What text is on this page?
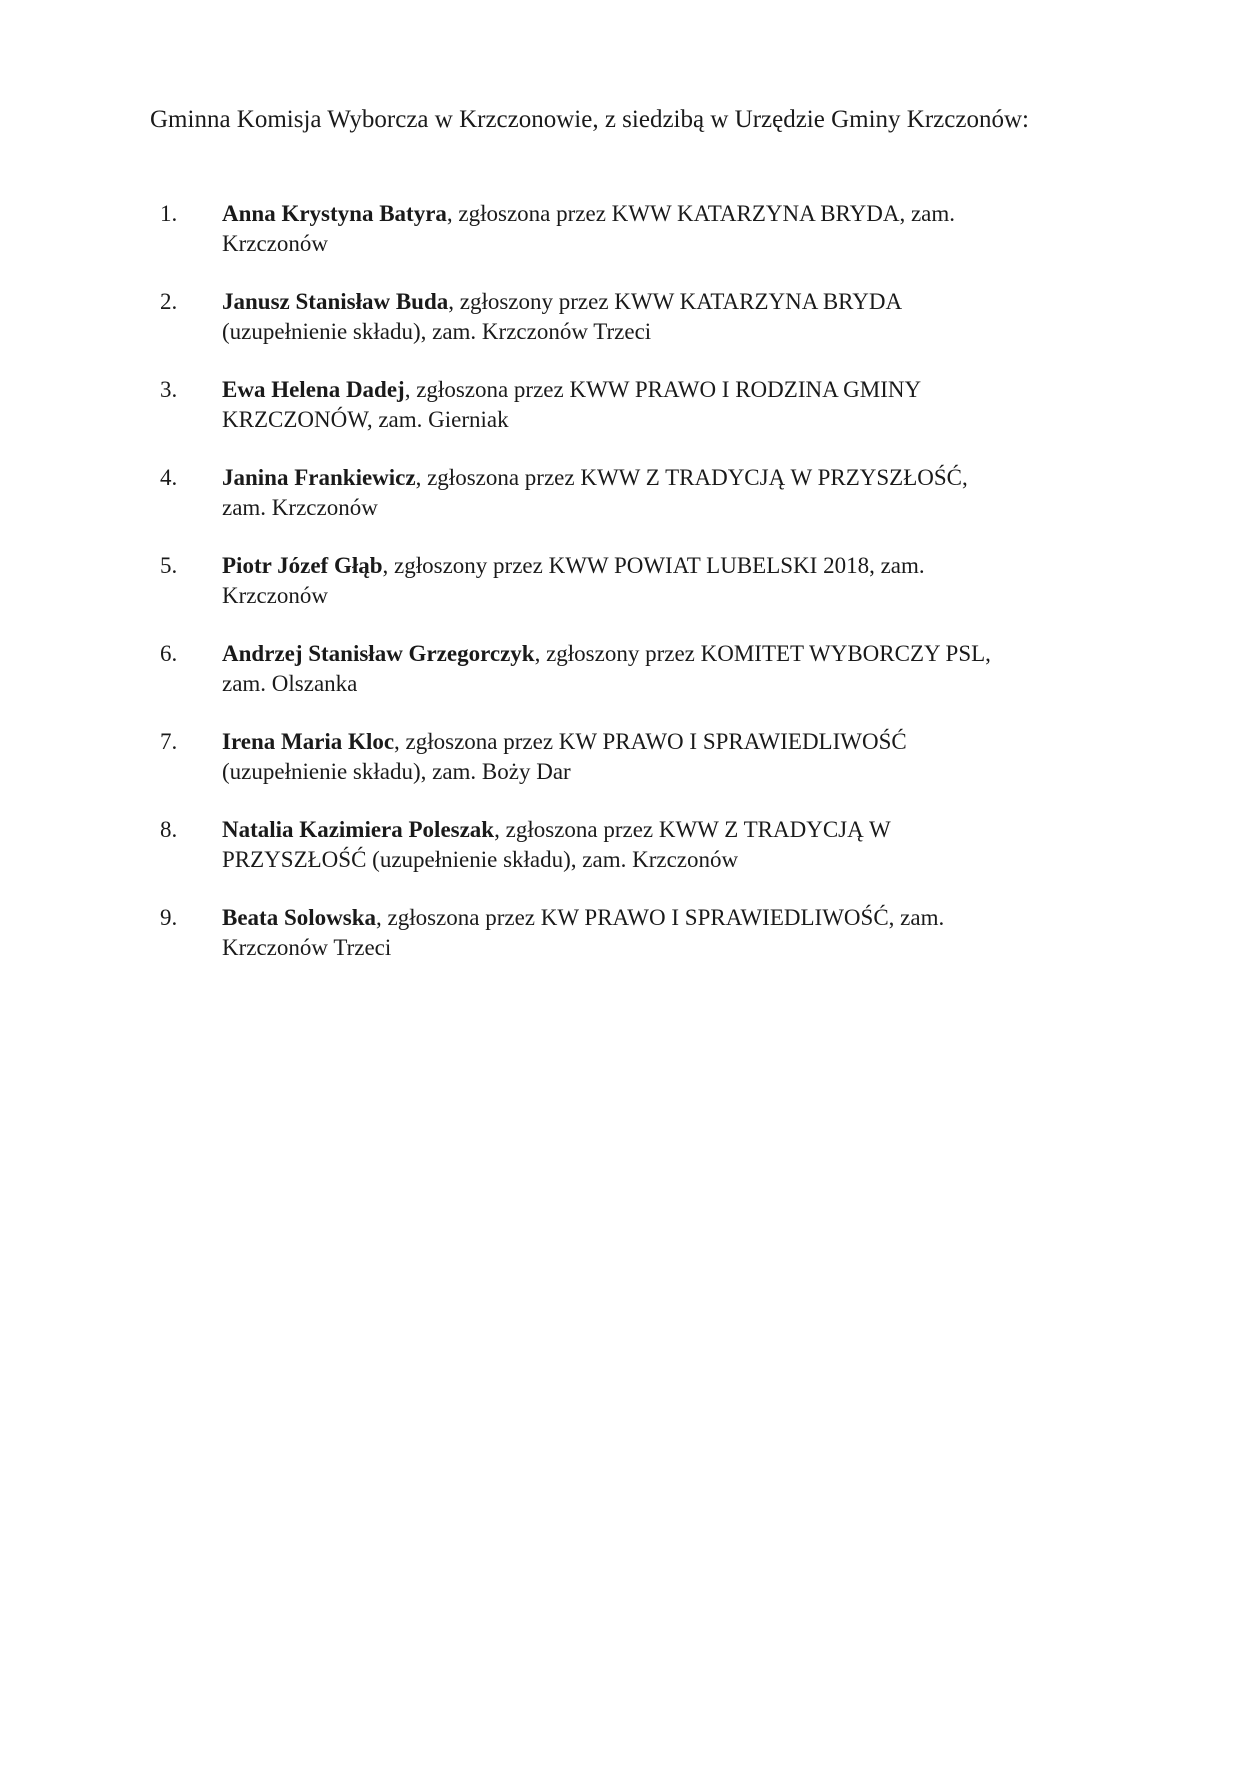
Gminna Komisja Wyborcza w Krzczonowie, z siedzibą w Urzędzie Gminy Krzczonów:
1.	Anna Krystyna Batyra, zgłoszona przez KWW KATARZYNA BRYDA, zam.
Krzczonów
2.	Janusz Stanisław Buda, zgłoszony przez KWW KATARZYNA BRYDA
(uzupełnienie składu), zam. Krzczonów Trzeci
3.	Ewa Helena Dadej, zgłoszona przez KWW PRAWO I RODZINA GMINY
KRZCZONÓW, zam. Gierniak
4.	Janina Frankiewicz, zgłoszona przez KWW Z TRADYCJĄ W PRZYSZŁOŚĆ,
zam. Krzczonów
5.	Piotr Józef Głąb, zgłoszony przez KWW POWIAT LUBELSKI 2018, zam.
Krzczonów
6.	Andrzej Stanisław Grzegorczyk, zgłoszony przez KOMITET WYBORCZY PSL,
zam. Olszanka
7.	Irena Maria Kloc, zgłoszona przez KW PRAWO I SPRAWIEDLIWOŚĆ
(uzupełnienie składu), zam. Boży Dar
8.	Natalia Kazimiera Poleszak, zgłoszona przez KWW Z TRADYCJĄ W
PRZYSZŁOŚĆ (uzupełnienie składu), zam. Krzczonów
9.	Beata Solowska, zgłoszona przez KW PRAWO I SPRAWIEDLIWOŚĆ, zam.
Krzczonów Trzeci
